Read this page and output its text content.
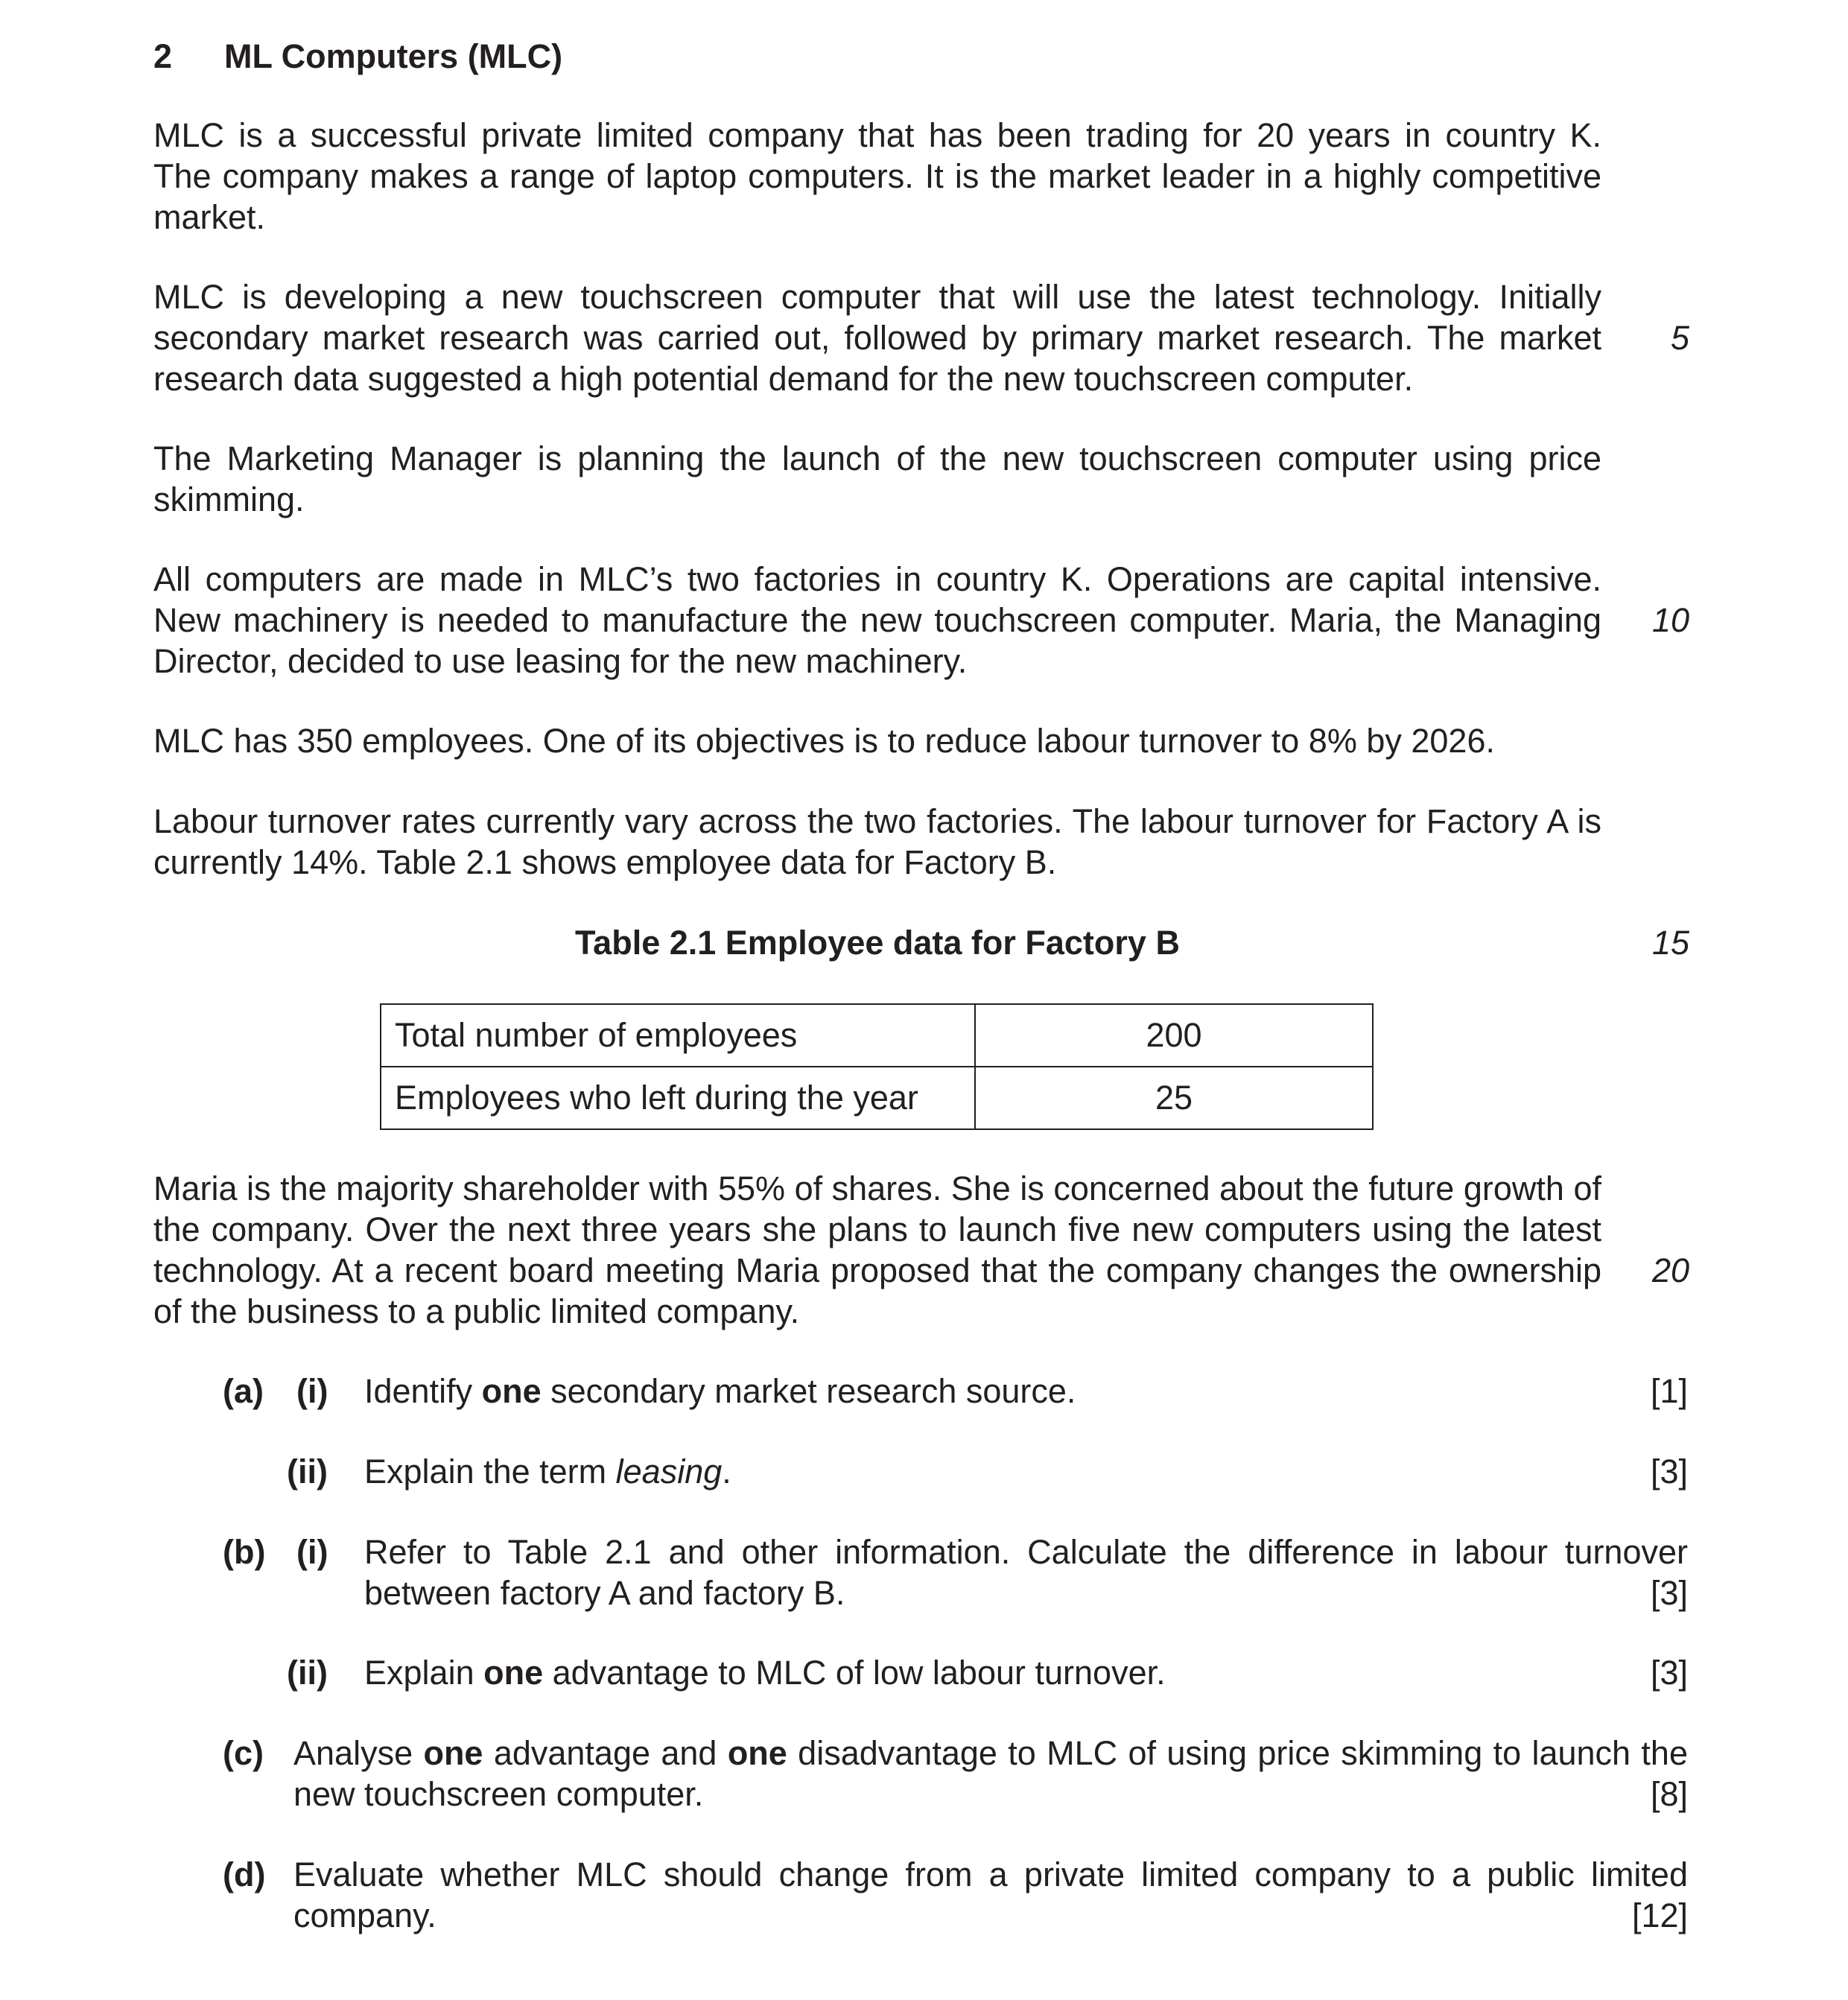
2 ML Computers (MLC)
MLC is a successful private limited company that has been trading for 20 years in country K.
The company makes a range of laptop computers. It is the market leader in a highly competitive
market.
MLC is developing a new touchscreen computer that will use the latest technology. Initially
secondary market research was carried out, followed by primary market research. The market
research data suggested a high potential demand for the new touchscreen computer.
5
The Marketing Manager is planning the launch of the new touchscreen computer using price
skimming.
All computers are made in MLC’s two factories in country K. Operations are capital intensive.
New machinery is needed to manufacture the new touchscreen computer. Maria, the Managing
Director, decided to use leasing for the new machinery.
10
MLC has 350 employees. One of its objectives is to reduce labour turnover to 8% by 2026.
Labour turnover rates currently vary across the two factories. The labour turnover for Factory A is
currently 14%. Table 2.1 shows employee data for Factory B.
Table 2.1 Employee data for Factory B	15
Total number of employees	200
Employees who left during the year	25
Maria is the majority shareholder with 55% of shares. She is concerned about the future growth of
the company. Over the next three years she plans to launch five new computers using the latest
technology. At a recent board meeting Maria proposed that the company changes the ownership
of the business to a public limited company.
20
(a) (i) Identify one secondary market research source.	[1]
(ii) Explain the term leasing.	[3]
(b) (i) Refer to Table 2.1 and other information. Calculate the difference in labour turnover
between factory A and factory B.	[3]
(ii) Explain one advantage to MLC of low labour turnover.	[3]
(c) Analyse one advantage and one disadvantage to MLC of using price skimming to launch the
new touchscreen computer.	[8]
(d) Evaluate whether MLC should change from a private limited company to a public limited
company.	[12]
